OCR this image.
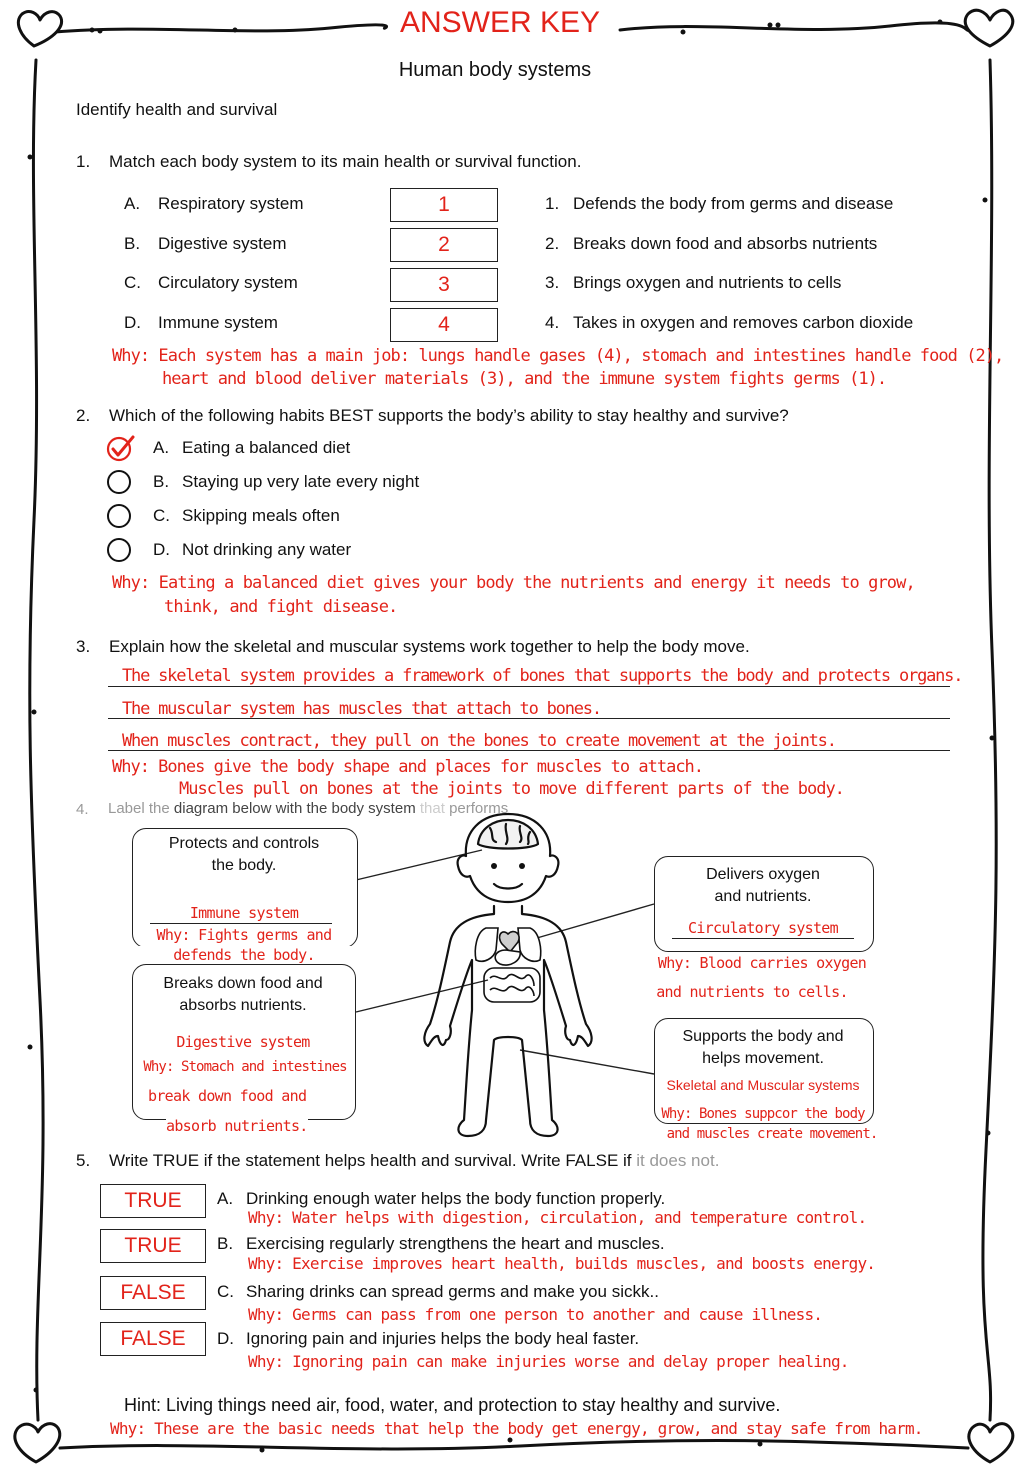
ANSWER KEY
Human body systems
Identify health and survival
1. Match each body system to its main health or survival function.
A. Respiratory system	1	1. Defends the body from germs and disease
B. Digestive system	2	2. Breaks down food and absorbs nutrients
C. Circulatory system	3	3. Brings oxygen and nutrients to cells
D. Immune system	4	4. Takes in oxygen and removes carbon dioxide
Why: Each system has a main job: lungs handle gases (4), stomach and intestines handle food (2),
heart and blood deliver materials (3), and the immune system fights germs (1).
2. Which of the following habits BEST supports the body’s ability to stay healthy and survive?
A. Eating a balanced diet
B. Staying up very late every night
C. Skipping meals often
D. Not drinking any water
Why: Eating a balanced diet gives your body the nutrients and energy it needs to grow,
think, and fight disease.
3. Explain how the skeletal and muscular systems work together to help the body move.
The skeletal system provides a framework of bones that supports the body and protects organs.
The muscular system has muscles that attach to bones.
When muscles contract, they pull on the bones to create movement at the joints.
Why: Bones give the body shape and places for muscles to attach.
Muscles pull on bones at the joints to move different parts of the body.
4. Label the diagram below with the body system that performs
Protects and controls
the body.
Immune system
Why: Fights germs and
defends the body.
Breaks down food and
absorbs nutrients.
Digestive system
Why: Stomach and intestines
break down food and
absorb nutrients.
Delivers oxygen
and nutrients.
Circulatory system
Why: Blood carries oxygen
and nutrients to cells.
Supports the body and
helps movement.
Skeletal and Muscular systems
Why: Bones suppcor the body
and muscles create movement.
5. Write TRUE if the statement helps health and survival. Write FALSE if it does not.
TRUE	A. Drinking enough water helps the body function properly.
Why: Water helps with digestion, circulation, and temperature control.
TRUE	B. Exercising regularly strengthens the heart and muscles.
Why: Exercise improves heart health, builds muscles, and boosts energy.
FALSE	C. Sharing drinks can spread germs and make you sickk..
Why: Germs can pass from one person to another and cause illness.
FALSE	D. Ignoring pain and injuries helps the body heal faster.
Why: Ignoring pain can make injuries worse and delay proper healing.
Hint: Living things need air, food, water, and protection to stay healthy and survive.
Why: These are the basic needs that help the body get energy, grow, and stay safe from harm.
